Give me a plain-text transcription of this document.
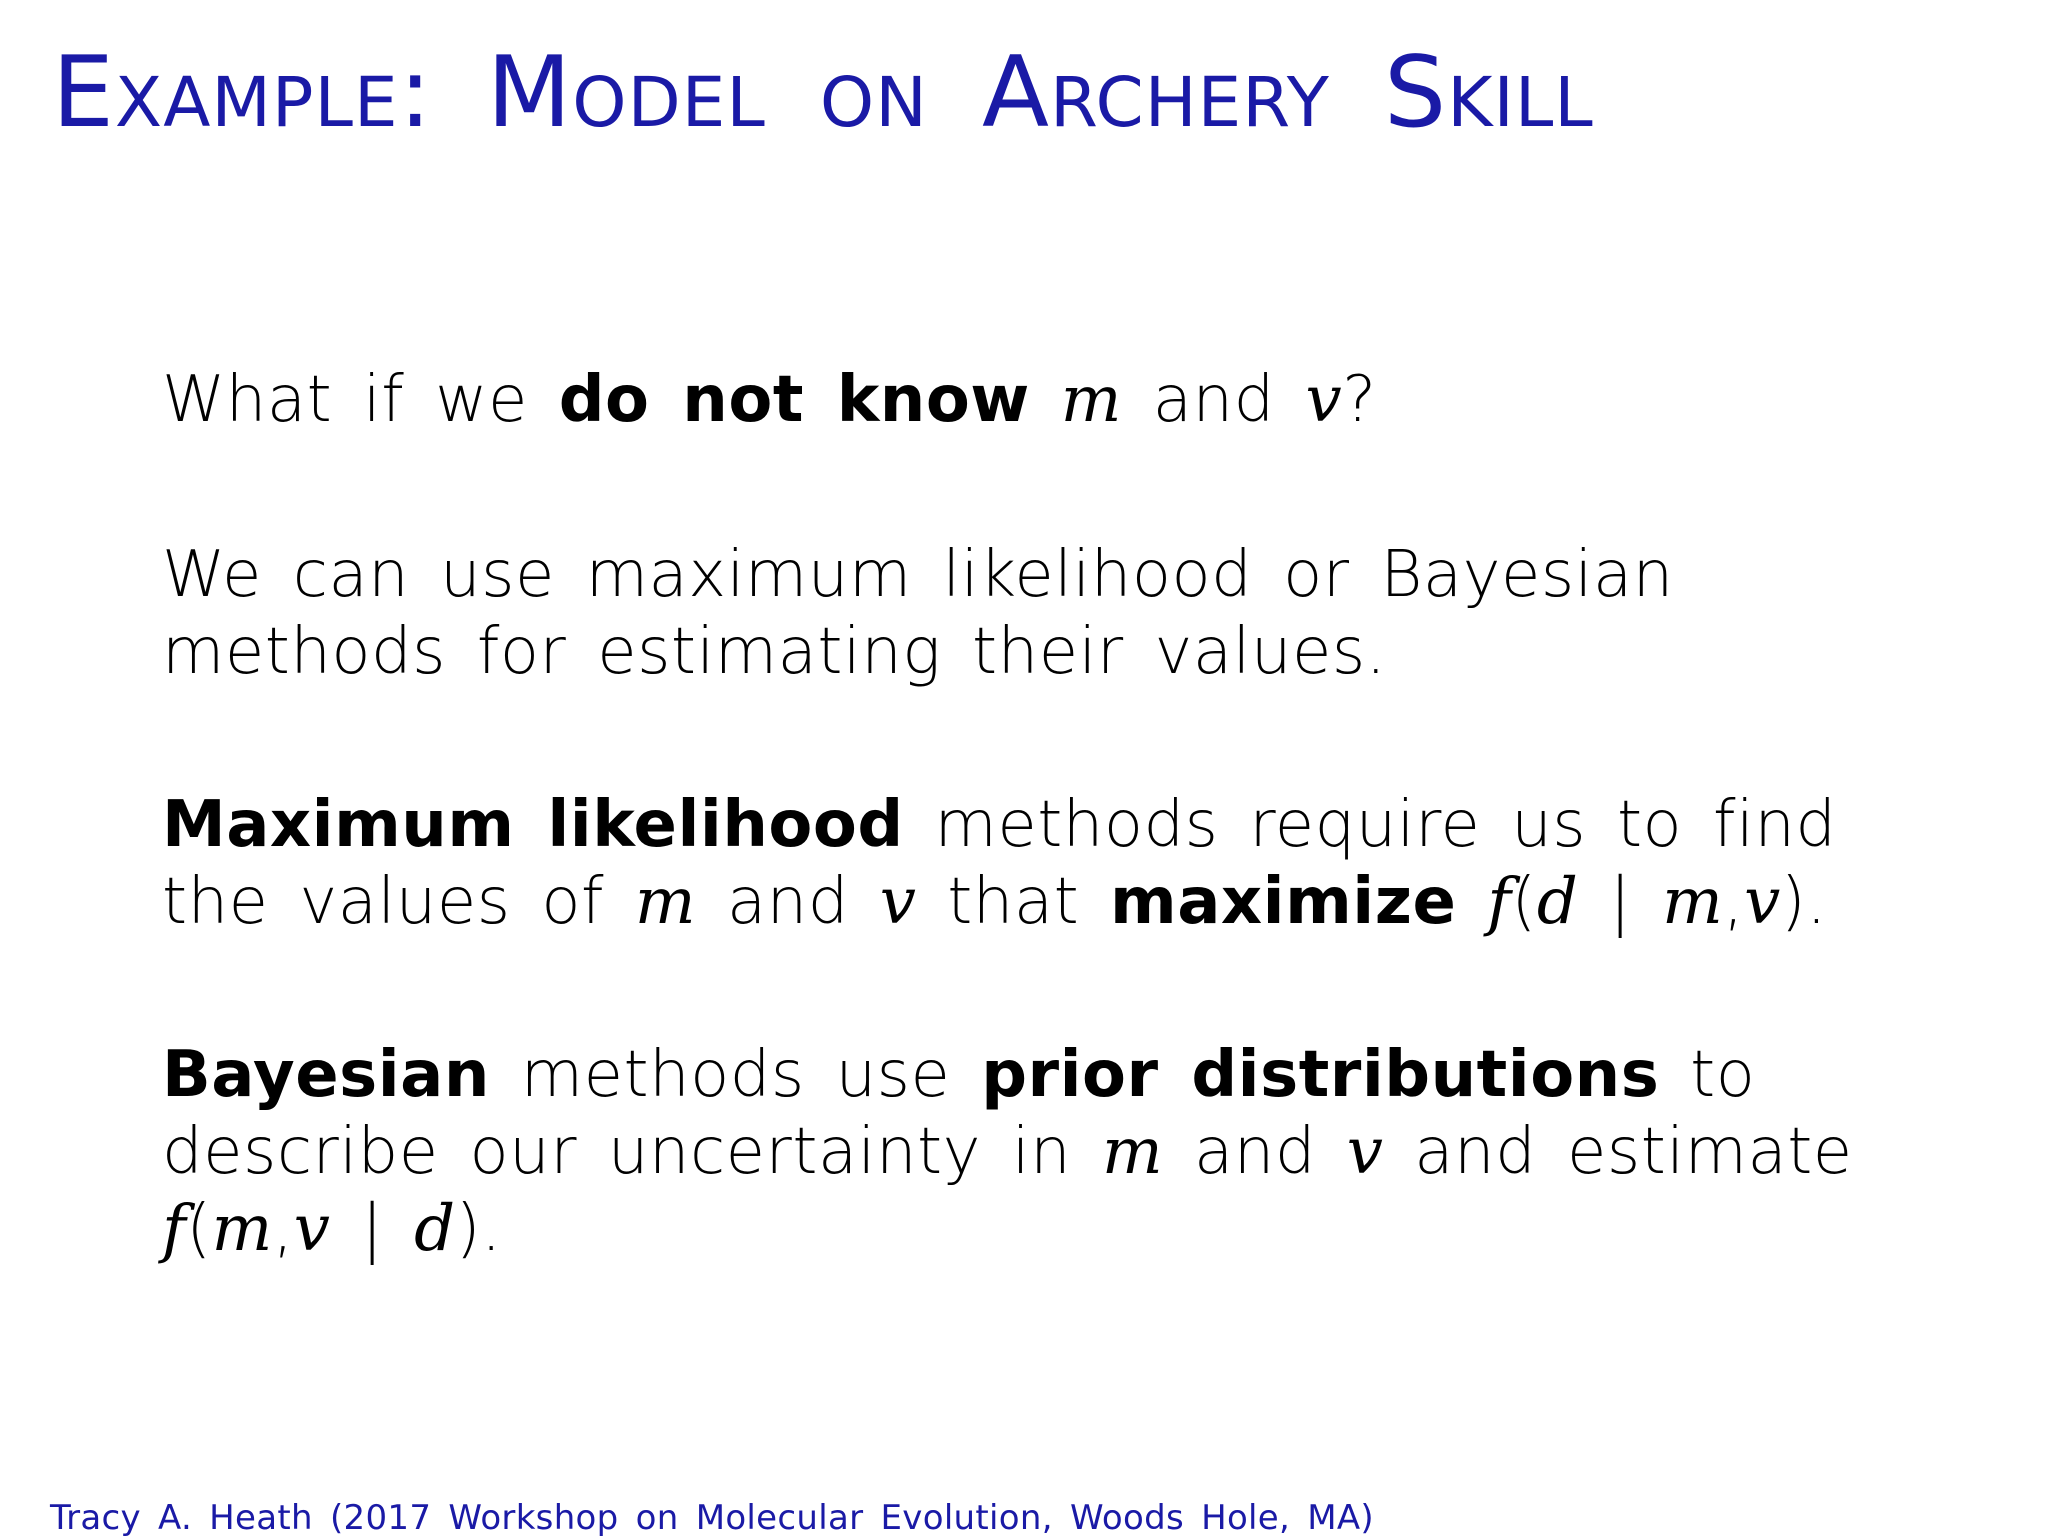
Example: Model on Archery Skill

What if we do not know m and v?

We can use maximum likelihood or Bayesian methods for estimating their values.

Maximum likelihood methods require us to find the values of m and v that maximize f(d | m,v).

Bayesian methods use prior distributions to describe our uncertainty in m and v and estimate f(m,v | d).

Tracy A. Heath (2017 Workshop on Molecular Evolution, Woods Hole, MA)
